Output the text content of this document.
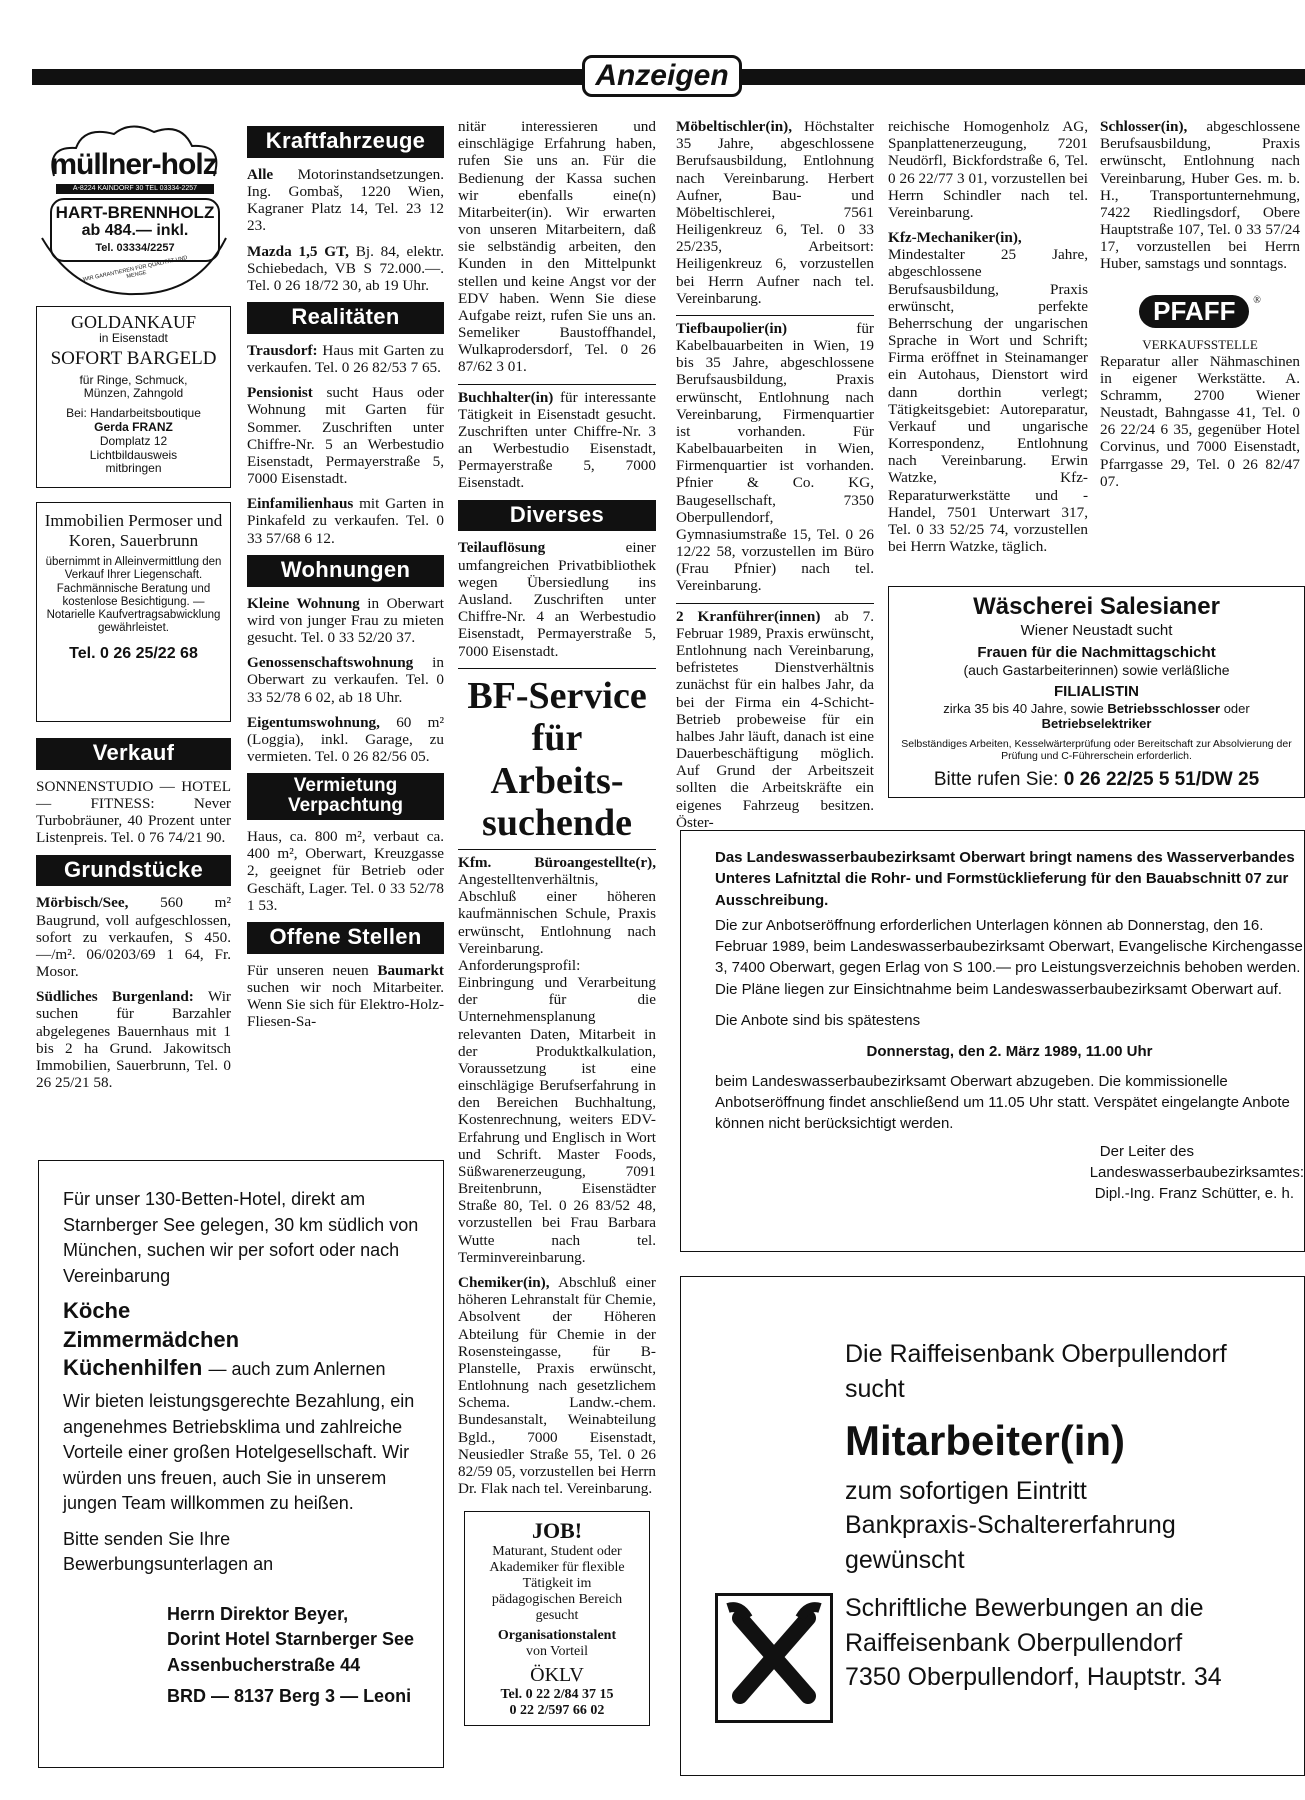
Anzeigen
müllner-holz
A-8224 KAINDORF 30 TEL 03334-2257
HART-BRENNHOLZ
ab 484.— inkl.
Tel. 03334/2257
WIR GARANTIEREN FÜR QUALITÄT UND MENGE
GOLDANKAUF
in Eisenstadt
SOFORT BARGELD
für Ringe, Schmuck, Münzen, Zahngold
Bei: Handarbeitsboutique
Gerda FRANZ
Domplatz 12
Lichtbildausweis mitbringen
Immobilien Permoser und Koren, Sauerbrunn
übernimmt in Alleinvermittlung den Verkauf Ihrer Liegenschaft. Fachmännische Beratung und kostenlose Besichtigung. — Notarielle Kaufvertragsabwicklung gewährleistet.
Tel. 0 26 25/22 68
Verkauf

SONNENSTUDIO — HOTEL — FITNESS: Never Turbobräuner, 40 Prozent unter Listenpreis. Tel. 0 76 74/21 90.

Grundstücke

Mörbisch/See, 560 m² Baugrund, voll aufgeschlossen, sofort zu verkaufen, S 450.—/m². 06/0203/69 1 64, Fr. Mosor.

Südliches Burgenland: Wir suchen für Barzahler abgelegenes Bauernhaus mit 1 bis 2 ha Grund. Jakowitsch Immobilien, Sauerbrunn, Tel. 0 26 25/21 58.

Kraftfahrzeuge

Alle Motorinstandsetzungen. Ing. Gombaš, 1220 Wien, Kagraner Platz 14, Tel. 23 12 23.

Mazda 1,5 GT, Bj. 84, elektr. Schiebedach, VB S 72.000.—. Tel. 0 26 18/72 30, ab 19 Uhr.

Realitäten

Trausdorf: Haus mit Garten zu verkaufen. Tel. 0 26 82/53 7 65.

Pensionist sucht Haus oder Wohnung mit Garten für Sommer. Zuschriften unter Chiffre-Nr. 5 an Werbestudio Eisenstadt, Permayerstraße 5, 7000 Eisenstadt.

Einfamilienhaus mit Garten in Pinkafeld zu verkaufen. Tel. 0 33 57/68 6 12.

Wohnungen

Kleine Wohnung in Oberwart wird von junger Frau zu mieten gesucht. Tel. 0 33 52/20 37.

Genossenschaftswohnung in Oberwart zu verkaufen. Tel. 0 33 52/78 6 02, ab 18 Uhr.

Eigentumswohnung, 60 m² (Loggia), inkl. Garage, zu vermieten. Tel. 0 26 82/56 05.

Vermietung
Verpachtung

Haus, ca. 800 m², verbaut ca. 400 m², Oberwart, Kreuzgasse 2, geeignet für Betrieb oder Geschäft, Lager. Tel. 0 33 52/78 1 53.

Offene Stellen

Für unseren neuen Baumarkt suchen wir noch Mitarbeiter. Wenn Sie sich für Elektro-Holz-Fliesen-Sa-

nitär interessieren und einschlägige Erfahrung haben, rufen Sie uns an. Für die Bedienung der Kassa suchen wir ebenfalls eine(n) Mitarbeiter(in). Wir erwarten von unseren Mitarbeitern, daß sie selbständig arbeiten, den Kunden in den Mittelpunkt stellen und keine Angst vor der EDV haben. Wenn Sie diese Aufgabe reizt, rufen Sie uns an. Semeliker Baustoffhandel, Wulkaprodersdorf, Tel. 0 26 87/62 3 01.

Buchhalter(in) für interessante Tätigkeit in Eisenstadt gesucht. Zuschriften unter Chiffre-Nr. 3 an Werbestudio Eisenstadt, Permayerstraße 5, 7000 Eisenstadt.

Diverses

Teilauflösung	einer umfangreichen Privatbibliothek wegen Übersiedlung ins Ausland. Zuschriften unter Chiffre-Nr. 4 an Werbestudio Eisenstadt, Permayerstraße 5, 7000 Eisenstadt.

BF-Service
für
Arbeits-
suchende

Kfm. Büroangestellte(r), Angestelltenverhältnis, Abschluß einer höheren kaufmännischen Schule, Praxis erwünscht, Entlohnung nach Vereinbarung. Anforderungsprofil: Einbringung und Verarbeitung der für die Unternehmensplanung relevanten Daten, Mitarbeit in der Produktkalkulation, Voraussetzung ist eine einschlägige Berufserfahrung in den Bereichen Buchhaltung, Kostenrechnung, weiters EDV-Erfahrung und Englisch in Wort und Schrift. Master Foods, Süßwarenerzeugung, 7091 Breitenbrunn, Eisenstädter Straße 80, Tel. 0 26 83/52 48, vorzustellen bei Frau Barbara Wutte nach tel. Terminvereinbarung.

Chemiker(in), Abschluß einer höheren Lehranstalt für Chemie, Absolvent der Höheren Abteilung für Chemie in der Rosensteingasse, für B-Planstelle, Praxis erwünscht, Entlohnung nach gesetzlichem Schema. Landw.-chem. Bundesanstalt, Weinabteilung Bgld., 7000 Eisenstadt, Neusiedler Straße 55, Tel. 0 26 82/59 05, vorzustellen bei Herrn Dr. Flak nach tel. Vereinbarung.

JOB!
Maturant, Student oder Akademiker für flexible Tätigkeit im pädagogischen Bereich gesucht
Organisationstalent
von Vorteil
ÖKLV
Tel. 0 22 2/84 37 15
0 22 2/597 66 02

Möbeltischler(in), Höchstalter 35 Jahre, abgeschlossene Berufsausbildung, Entlohnung nach Vereinbarung. Herbert Aufner, Bau- und Möbeltischlerei, 7561 Heiligenkreuz 6, Tel. 0 33 25/235, Arbeitsort: Heiligenkreuz 6, vorzustellen bei Herrn Aufner nach tel. Vereinbarung.

Tiefbaupolier(in)	für Kabelbauarbeiten in Wien, 19 bis 35 Jahre, abgeschlossene Berufsausbildung, Praxis erwünscht, Entlohnung nach Vereinbarung, Firmenquartier ist vorhanden. Für Kabelbauarbeiten in Wien, Firmenquartier ist vorhanden. Pfnier & Co. KG, Baugesellschaft, 7350 Oberpullendorf, Gymnasiumstraße 15, Tel. 0 26 12/22 58, vorzustellen im Büro (Frau Pfnier) nach tel. Vereinbarung.

2 Kranführer(innen) ab 7. Februar 1989, Praxis erwünscht, Entlohnung nach Vereinbarung, befristetes Dienstverhältnis zunächst für ein halbes Jahr, da bei der Firma ein 4-Schicht-Betrieb probeweise für ein halbes Jahr läuft, danach ist eine Dauerbeschäftigung möglich. Auf Grund der Arbeitszeit sollten die Arbeitskräfte ein eigenes Fahrzeug besitzen. Öster-

reichische Homogenholz AG, Spanplattenerzeugung, 7201 Neudörfl, Bickfordstraße 6, Tel. 0 26 22/77 3 01, vorzustellen bei Herrn Schindler nach tel. Vereinbarung.

Kfz-Mechaniker(in), Mindestalter 25 Jahre, abgeschlossene Berufsausbildung, Praxis erwünscht, perfekte Beherrschung der ungarischen Sprache in Wort und Schrift; Firma eröffnet in Steinamanger ein Autohaus, Dienstort wird dann dorthin verlegt; Tätigkeitsgebiet: Autoreparatur, Verkauf und ungarische Korrespondenz, Entlohnung nach Vereinbarung. Erwin Watzke, Kfz-Reparaturwerkstätte und -Handel, 7501 Unterwart 317, Tel. 0 33 52/25 74, vorzustellen bei Herrn Watzke, täglich.

Schlosser(in), abgeschlossene Berufsausbildung, Praxis erwünscht, Entlohnung nach Vereinbarung, Huber Ges. m. b. H., Transportunternehmung, 7422 Riedlingsdorf, Obere Hauptstraße 107, Tel. 0 33 57/24 17, vorzustellen bei Herrn Huber, samstags und sonntags.

PFAFF ®
VERKAUFSSTELLE
Reparatur aller Nähmaschinen in eigener Werkstätte. A. Schramm, 2700 Wiener Neustadt, Bahngasse 41, Tel. 0 26 22/24 6 35, gegenüber Hotel Corvinus, und 7000 Eisenstadt, Pfarrgasse 29, Tel. 0 26 82/47 07.
Wäscherei Salesianer
Wiener Neustadt sucht
Frauen für die Nachmittagschicht
(auch Gastarbeiterinnen) sowie verläßliche
FILIALISTIN
zirka 35 bis 40 Jahre, sowie Betriebsschlosser oder Betriebselektriker
Selbständiges Arbeiten, Kesselwärterprüfung oder Bereitschaft zur Absolvierung der Prüfung und C-Führerschein erforderlich.
Bitte rufen Sie: 0 26 22/25 5 51/DW 25
Das Landeswasserbaubezirksamt Oberwart bringt namens des Wasserverbandes Unteres Lafnitztal die Rohr- und Formstücklieferung für den Bauabschnitt 07 zur Ausschreibung.
Die zur Anbotseröffnung erforderlichen Unterlagen können ab Donnerstag, den 16. Februar 1989, beim Landeswasserbaubezirksamt Oberwart, Evangelische Kirchengasse 3, 7400 Oberwart, gegen Erlag von S 100.— pro Leistungsverzeichnis behoben werden. Die Pläne liegen zur Einsichtnahme beim Landeswasserbaubezirksamt Oberwart auf.
Die Anbote sind bis spätestens
Donnerstag, den 2. März 1989, 11.00 Uhr
beim Landeswasserbaubezirksamt Oberwart abzugeben. Die kommissionelle Anbotseröffnung findet anschließend um 11.05 Uhr statt. Verspätet eingelangte Anbote können nicht berücksichtigt werden.
Der Leiter des
Landeswasserbaubezirksamtes:
Dipl.-Ing. Franz Schütter, e. h.
Für unser 130-Betten-Hotel, direkt am Starnberger See gelegen, 30 km südlich von München, suchen wir per sofort oder nach Vereinbarung
Köche
Zimmermädchen
Küchenhilfen — auch zum Anlernen
Wir bieten leistungsgerechte Bezahlung, ein angenehmes Betriebsklima und zahlreiche Vorteile einer großen Hotelgesellschaft. Wir würden uns freuen, auch Sie in unserem jungen Team willkommen zu heißen.
Bitte senden Sie Ihre Bewerbungsunterlagen an
Herrn Direktor Beyer,
Dorint Hotel Starnberger See
Assenbucherstraße 44
BRD — 8137 Berg 3 — Leoni
Die Raiffeisenbank Oberpullendorf
sucht
Mitarbeiter(in)
zum sofortigen Eintritt
Bankpraxis-Schaltererfahrung
gewünscht
Schriftliche Bewerbungen an die
Raiffeisenbank Oberpullendorf
7350 Oberpullendorf, Hauptstr. 34
